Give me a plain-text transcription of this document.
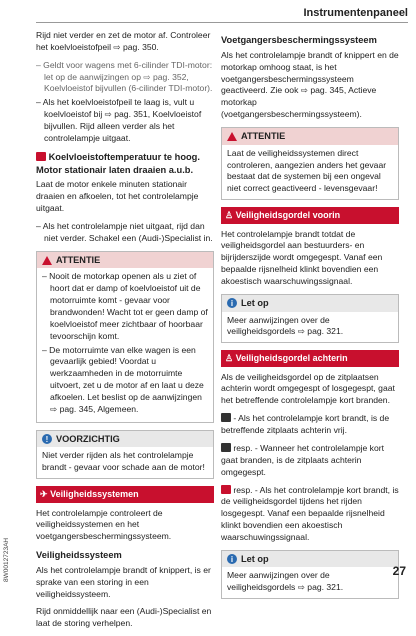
Instrumentenpaneel

Rijd niet verder en zet de motor af. Controleer het koelvloeistofpeil ⇨ pag. 350.

– Geldt voor wagens met 6-cilinder TDI-motor: let op de aanwijzingen op ⇨ pag. 352, Koelvloeistof bijvullen (6-cilinder TDI-motor).

– Als het koelvloeistofpeil te laag is, vult u koelvloeistof bij ⇨ pag. 351, Koelvloeistof bijvullen. Rijd alleen verder als het controlelampje uitgaat.

Koelvloeistoftemperatuur te hoog. Motor stationair laten draaien a.u.b.

Laat de motor enkele minuten stationair draaien en afkoelen, tot het controlelampje uitgaat.

– Als het controlelampje niet uitgaat, rijd dan niet verder. Schakel een (Audi-)Specialist in.

ATTENTIE

– Nooit de motorkap openen als u ziet of hoort dat er damp of koelvloeistof uit de motorruimte komt - gevaar voor brandwonden! Wacht tot er geen damp of koelvloeistof meer zichtbaar of hoorbaar tevoorschijn komt.

– De motorruimte van elke wagen is een gevaarlijk gebied! Voordat u werkzaamheden in de motorruimte uitvoert, zet u de motor af en laat u deze afkoelen. Let beslist op de aanwijzingen ⇨ pag. 345, Algemeen.

! VOORZICHTIG
Niet verder rijden als het controlelampje brandt - gevaar voor schade aan de motor!
✈ Veiligheidssystemen

Het controlelampje controleert de veiligheidssystemen en het voetgangersbeschermingssysteem.

Veiligheidssysteem

Als het controlelampje brandt of knippert, is er sprake van een storing in een veiligheidssysteem.

Rijd onmiddellijk naar een (Audi-)Specialist en laat de storing verhelpen.

Voetgangersbeschermingssysteem

Als het controlelampje brandt of knippert en de motorkap omhoog staat, is het voetgangersbeschermingssysteem geactiveerd. Zie ook ⇨ pag. 345, Actieve motorkap (voetgangersbeschermingssysteem).

ATTENTIE
Laat de veiligheidssystemen direct controleren, aangezien anders het gevaar bestaat dat de systemen bij een ongeval niet correct geactiveerd - levensgevaar!
♙ Veiligheidsgordel voorin

Het controlelampje brandt totdat de veiligheidsgordel aan bestuurders- en bijrijderszijde wordt omgegespt. Vanaf een bepaalde rijsnelheid klinkt bovendien een akoestisch waarschuwingssignaal.

i Let op
Meer aanwijzingen over de veiligheidsgordels ⇨ pag. 321.
♙ Veiligheidsgordel achterin

Als de veiligheidsgordel op de zitplaatsen achterin wordt omgegespt of losgegespt, gaat het betreffende controlelampje kort branden.

- Als het controlelampje kort brandt, is de betreffende zitplaats achterin vrij.

resp. - Wanneer het controlelampje kort gaat branden, is de zitplaats achterin omgegespt.

resp. - Als het controlelampje kort brandt, is de veiligheidsgordel tijdens het rijden losgegespt. Vanaf een bepaalde rijsnelheid klinkt bovendien een akoestisch waarschuwingssignaal.

i Let op
Meer aanwijzingen over de veiligheidsgordels ⇨ pag. 321.
8W0012723AH	27
